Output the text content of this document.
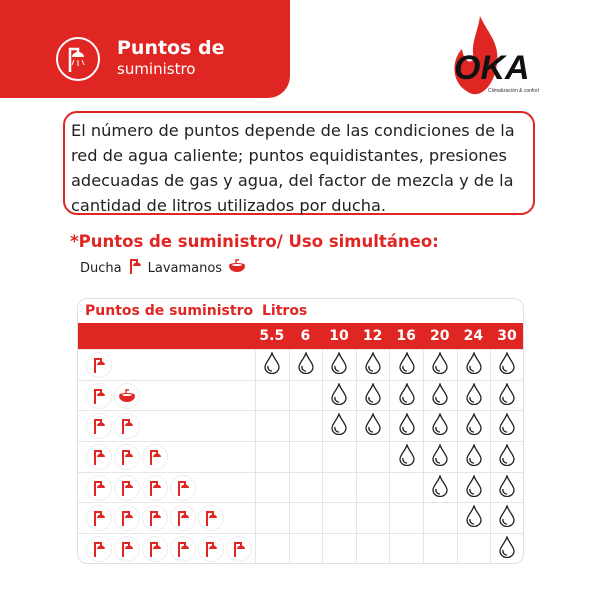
Puntos de
suministro	OKA
Climatización & confort
El número de puntos depende de las condiciones de la red de agua caliente; puntos equidistantes, presiones adecuadas de gas y agua, del factor de mezcla y de la cantidad de litros utilizados por ducha.
*Puntos de suministro/ Uso simultáneo:
Ducha Lavamanos
Puntos de suministro Litros
5.5	6	10	12	16	20	24	30
